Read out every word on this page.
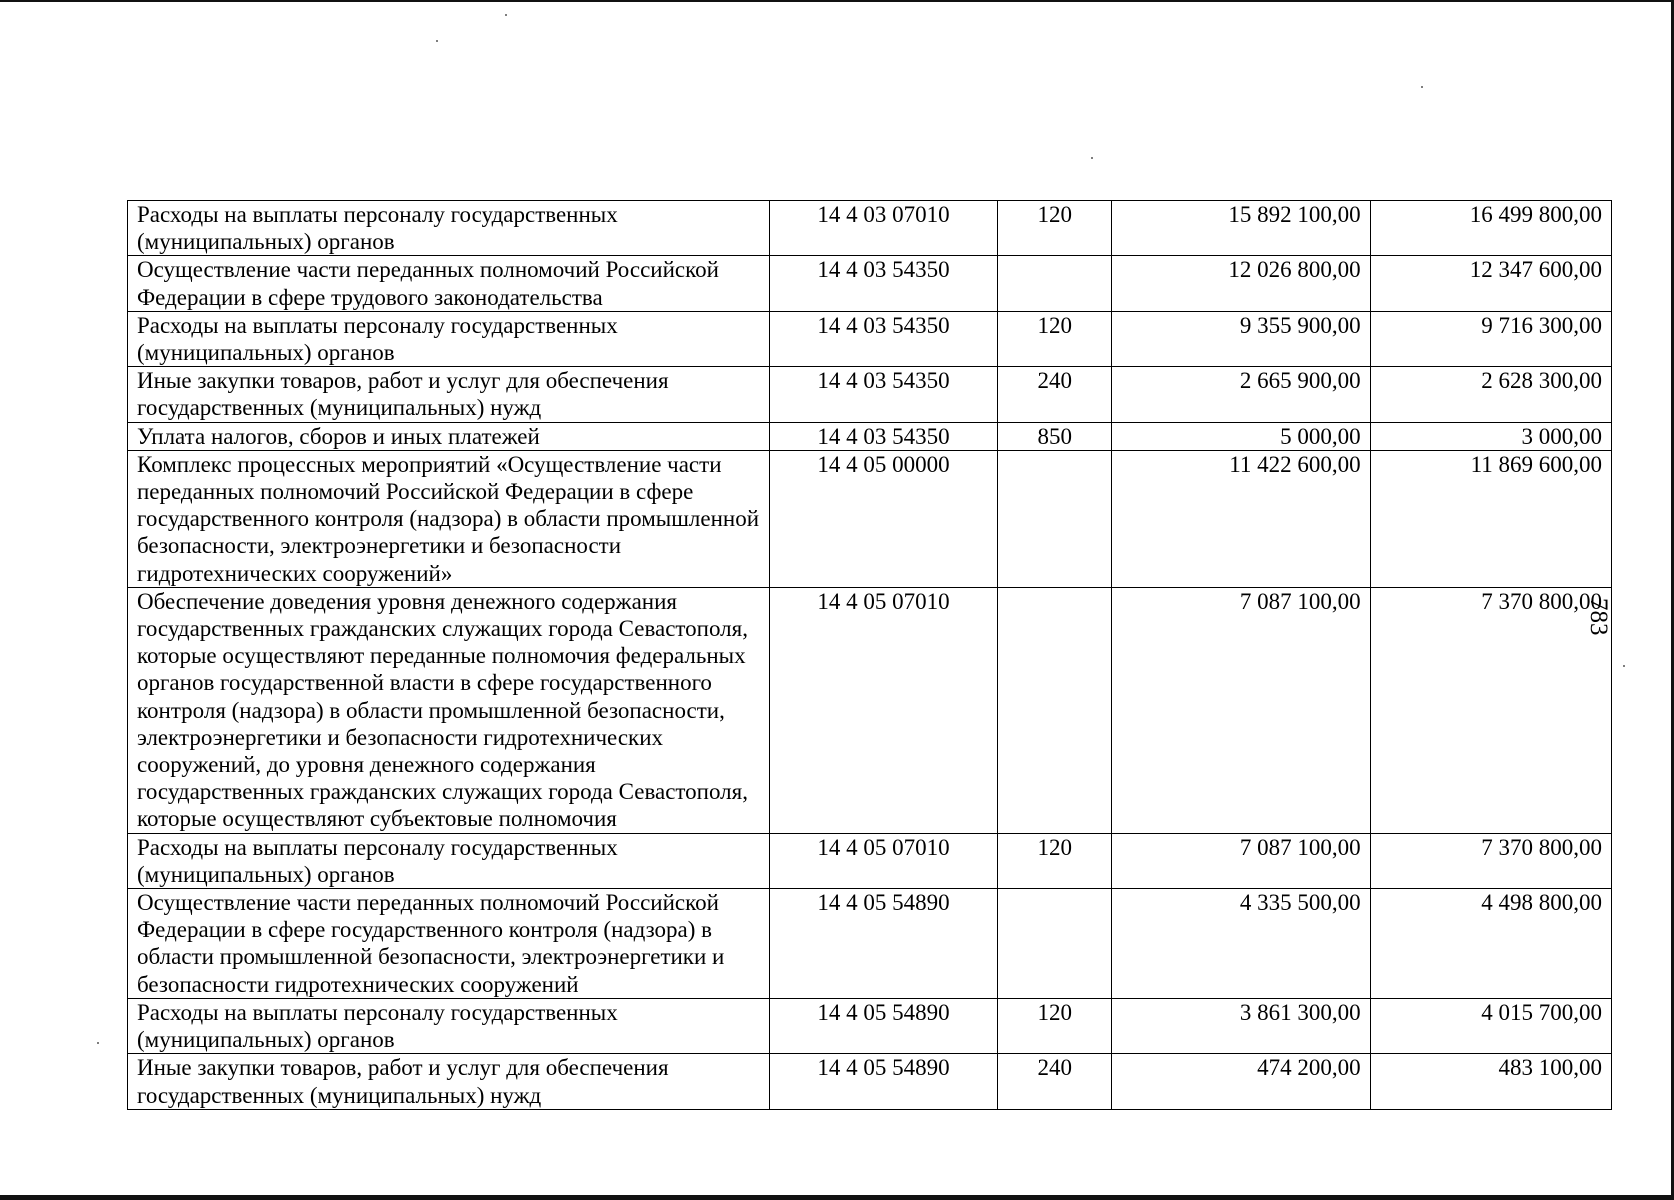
Расходы на выплаты персоналу государственных (муниципальных) органов	14 4 03 07010	120	15 892 100,00	16 499 800,00
Осуществление части переданных полномочий Российской Федерации в сфере трудового законодательства	14 4 03 54350		12 026 800,00	12 347 600,00
Расходы на выплаты персоналу государственных (муниципальных) органов	14 4 03 54350	120	9 355 900,00	9 716 300,00
Иные закупки товаров, работ и услуг для обеспечения государственных (муниципальных) нужд	14 4 03 54350	240	2 665 900,00	2 628 300,00
Уплата налогов, сборов и иных платежей	14 4 03 54350	850	5 000,00	3 000,00
Комплекс процессных мероприятий «Осуществление части переданных полномочий Российской Федерации в сфере государственного контроля (надзора) в области промышленной безопасности, электроэнергетики и безопасности гидротехнических сооружений»	14 4 05 00000		11 422 600,00	11 869 600,00
Обеспечение доведения уровня денежного содержания государственных гражданских служащих города Севастополя, которые осуществляют переданные полномочия федеральных органов государственной власти в сфере государственного контроля (надзора) в области промышленной безопасности, электроэнергетики и безопасности гидротехнических сооружений, до уровня денежного содержания государственных гражданских служащих города Севастополя, которые осуществляют субъектовые полномочия	14 4 05 07010		7 087 100,00	7 370 800,00
Расходы на выплаты персоналу государственных (муниципальных) органов	14 4 05 07010	120	7 087 100,00	7 370 800,00
Осуществление части переданных полномочий Российской Федерации в сфере государственного контроля (надзора) в области промышленной безопасности, электроэнергетики и безопасности гидротехнических сооружений	14 4 05 54890		4 335 500,00	4 498 800,00
Расходы на выплаты персоналу государственных (муниципальных) органов	14 4 05 54890	120	3 861 300,00	4 015 700,00
Иные закупки товаров, работ и услуг для обеспечения государственных (муниципальных) нужд	14 4 05 54890	240	474 200,00	483 100,00
783
